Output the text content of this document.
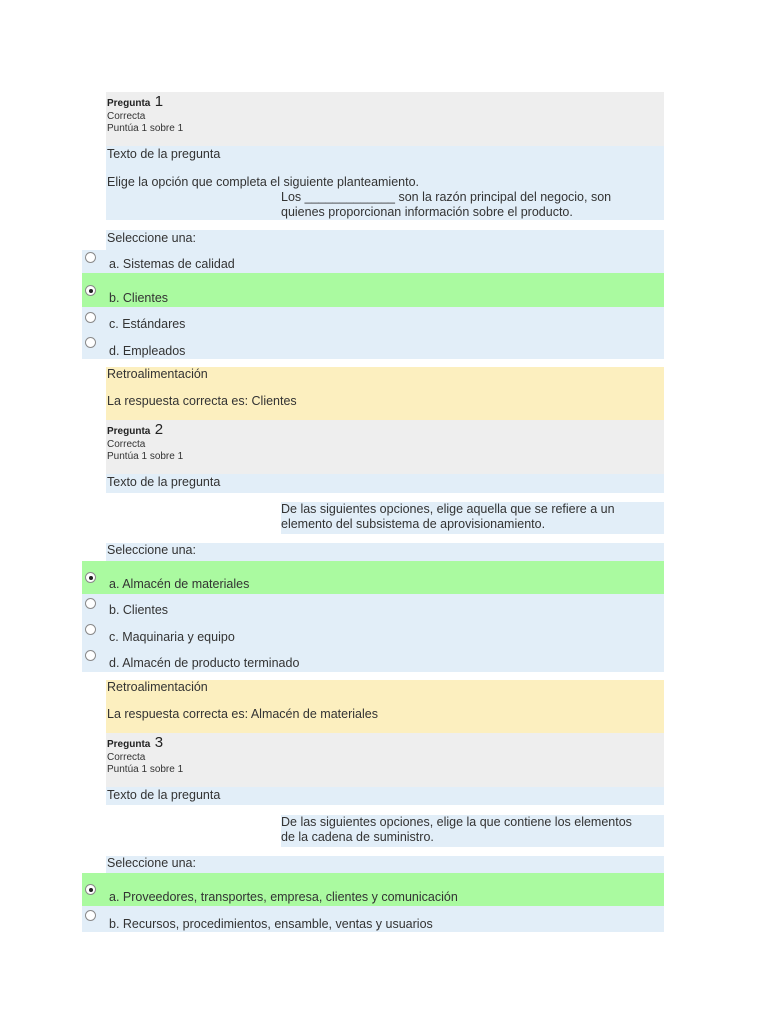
Pregunta 1
Correcta
Puntúa 1 sobre 1
Texto de la pregunta
Elige la opción que completa el siguiente planteamiento.
Los _____________ son la razón principal del negocio, son
quienes proporcionan información sobre el producto.
Seleccione una:
a. Sistemas de calidad
b. Clientes
c. Estándares
d. Empleados
Retroalimentación
La respuesta correcta es: Clientes
Pregunta 2
Correcta
Puntúa 1 sobre 1
Texto de la pregunta
De las siguientes opciones, elige aquella que se refiere a un
elemento del subsistema de aprovisionamiento.
Seleccione una:
a. Almacén de materiales
b. Clientes
c. Maquinaria y equipo
d. Almacén de producto terminado
Retroalimentación
La respuesta correcta es: Almacén de materiales
Pregunta 3
Correcta
Puntúa 1 sobre 1
Texto de la pregunta
De las siguientes opciones, elige la que contiene los elementos
de la cadena de suministro.
Seleccione una:
a. Proveedores, transportes, empresa, clientes y comunicación
b. Recursos, procedimientos, ensamble, ventas y usuarios
